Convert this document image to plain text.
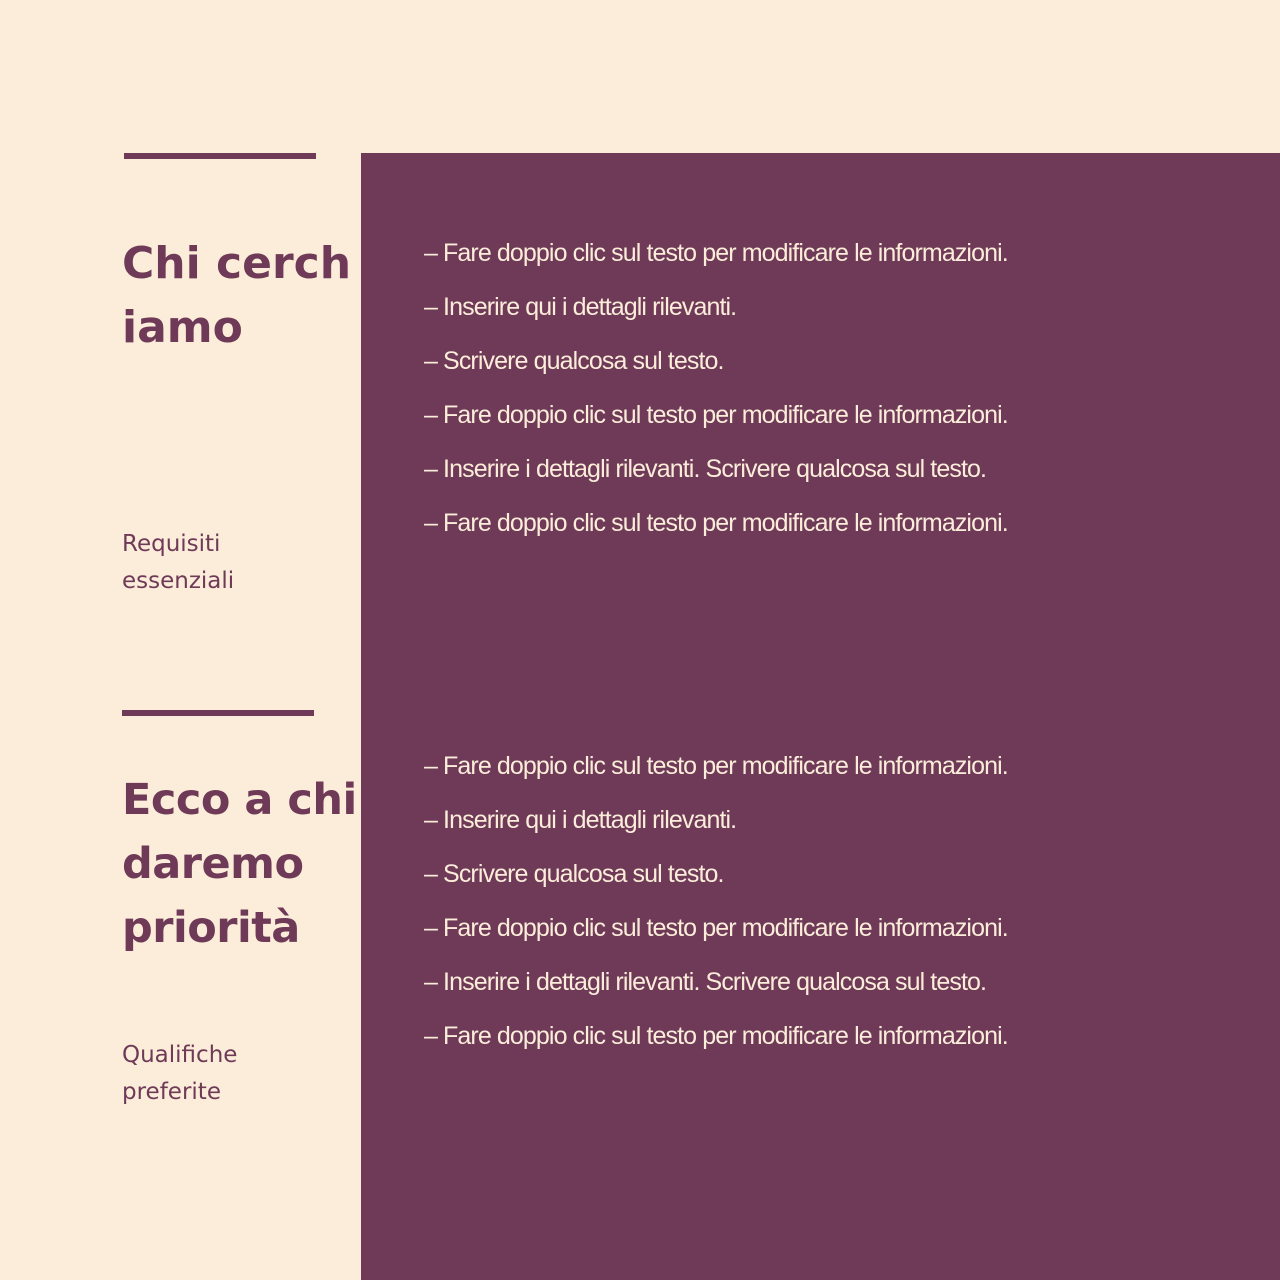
Chi cerchiamo

Requisiti
essenziali

– Fare doppio clic sul testo per modificare le informazioni.
– Inserire qui i dettagli rilevanti.
– Scrivere qualcosa sul testo.
– Fare doppio clic sul testo per modificare le informazioni.
– Inserire i dettagli rilevanti. Scrivere qualcosa sul testo.
– Fare doppio clic sul testo per modificare le informazioni.
Ecco a chi daremo priorità

Qualifiche
preferite

– Fare doppio clic sul testo per modificare le informazioni.
– Inserire qui i dettagli rilevanti.
– Scrivere qualcosa sul testo.
– Fare doppio clic sul testo per modificare le informazioni.
– Inserire i dettagli rilevanti. Scrivere qualcosa sul testo.
– Fare doppio clic sul testo per modificare le informazioni.
